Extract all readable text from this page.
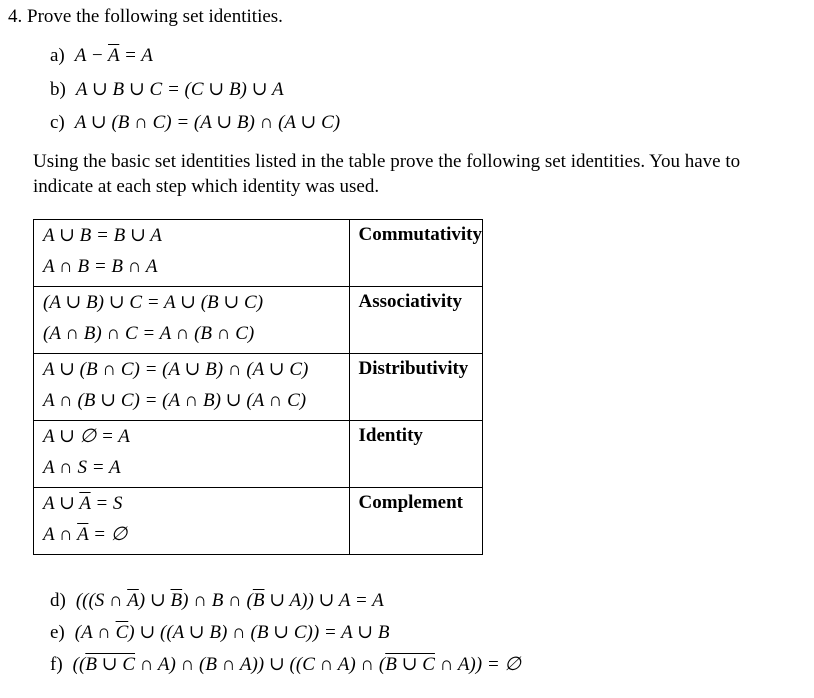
4. Prove the following set identities.
a) $A - \overline{A} = A$
b) A ∪ B ∪ C = (C ∪ B) ∪ A
c) A ∪ (B ∩ C) = (A ∪ B) ∩ (A ∪ C)
Using the basic set identities listed in the table prove the following set identities. You have to
indicate at each step which identity was used.
A ∪ B = B ∪ A
A ∩ B = B ∩ A	Commutativity

(A ∪ B) ∪ C = A ∪ (B ∪ C)
(A ∩ B) ∩ C = A ∩ (B ∩ C)	Associativity

A ∪ (B ∩ C) = (A ∪ B) ∩ (A ∪ C)
A ∩ (B ∪ C) = (A ∩ B) ∪ (A ∩ C)	Distributivity

A ∪ ∅ = A
A ∩ S = A	Identity

A ∪ $\overline{A} = S$
A ∩ $\overline{A}$ = ∅	Complement
d) (((S ∩ $\overline{A}$) ∪ $\overline{B}$) ∩ B ∩ ($\overline{B}$ ∪ A)) ∪ A = A
e) (A ∩ $\overline{C}$) ∪ ((A ∪ B) ∩ (B ∪ C)) = A ∪ B
f) ((B ∪ C ∩ A) ∩ (B ∩ A)) ∪ ((C ∩ A) ∩ (B ∪ C ∩ A)) = ∅
